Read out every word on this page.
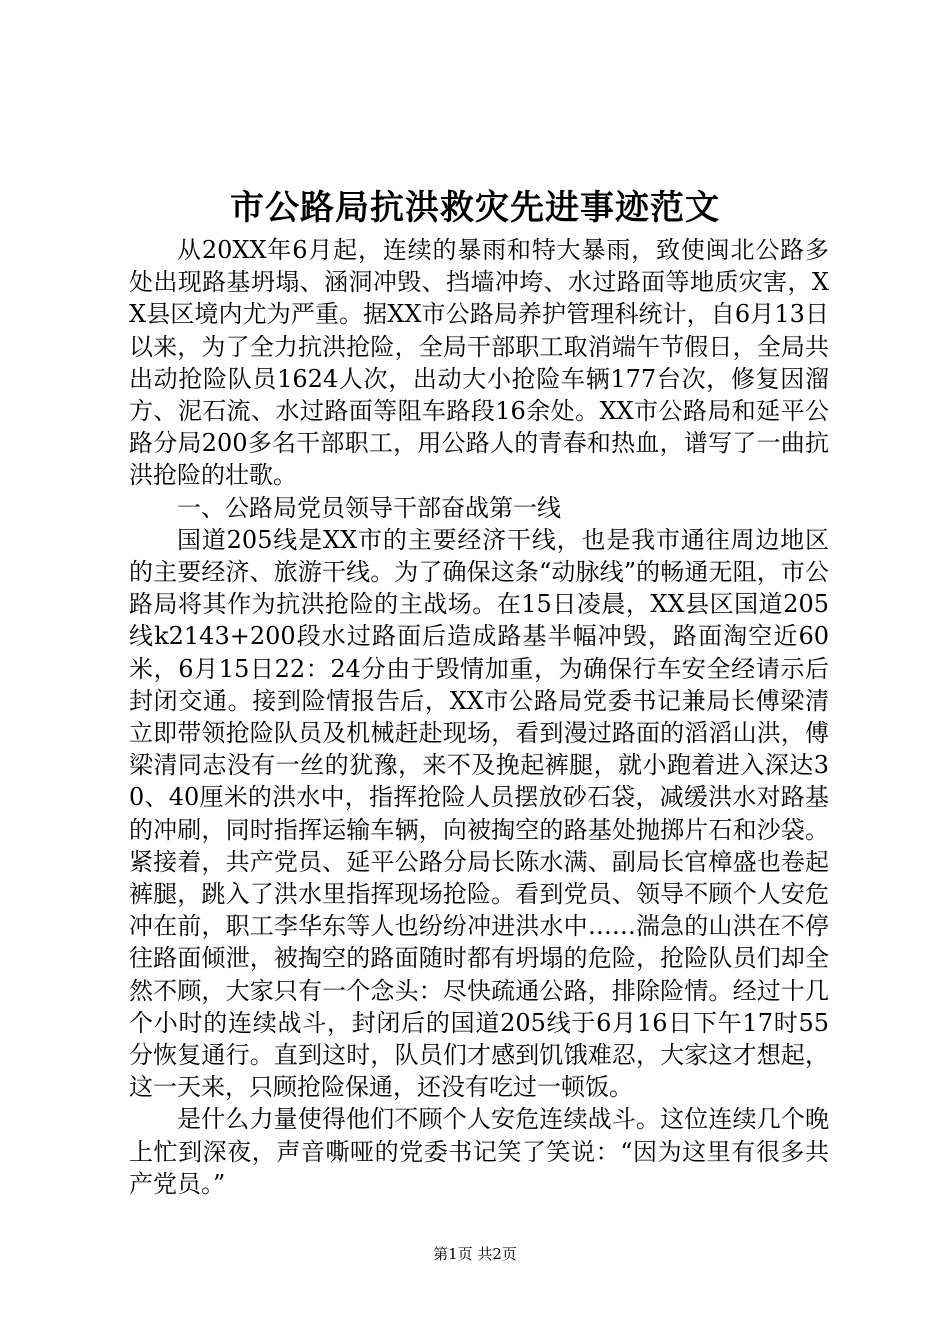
市公路局抗洪救灾先进事迹范文

从20XX年6月起，连续的暴雨和特大暴雨，致使闽北公路多处出现路基坍塌、涵洞冲毁、挡墙冲垮、水过路面等地质灾害，XX县区境内尤为严重。据XX市公路局养护管理科统计，自6月13日以来，为了全力抗洪抢险，全局干部职工取消端午节假日，全局共出动抢险队员1624人次，出动大小抢险车辆177台次，修复因溜方、泥石流、水过路面等阻车路段16余处。XX市公路局和延平公路分局200多名干部职工，用公路人的青春和热血，谱写了一曲抗洪抢险的壮歌。

一、公路局党员领导干部奋战第一线

国道205线是XX市的主要经济干线，也是我市通往周边地区的主要经济、旅游干线。为了确保这条“动脉线”的畅通无阻，市公路局将其作为抗洪抢险的主战场。在15日凌晨，XX县区国道205线k2143+200段水过路面后造成路基半幅冲毁，路面淘空近60米，6月15日22：24分由于毁情加重，为确保行车安全经请示后封闭交通。接到险情报告后，XX市公路局党委书记兼局长傅梁清立即带领抢险队员及机械赶赴现场，看到漫过路面的滔滔山洪，傅梁清同志没有一丝的犹豫，来不及挽起裤腿，就小跑着进入深达30、40厘米的洪水中，指挥抢险人员摆放砂石袋，减缓洪水对路基的冲刷，同时指挥运输车辆，向被掏空的路基处抛掷片石和沙袋。紧接着，共产党员、延平公路分局长陈水满、副局长官樟盛也卷起裤腿，跳入了洪水里指挥现场抢险。看到党员、领导不顾个人安危冲在前，职工李华东等人也纷纷冲进洪水中……湍急的山洪在不停往路面倾泄，被掏空的路面随时都有坍塌的危险，抢险队员们却全然不顾，大家只有一个念头：尽快疏通公路，排除险情。经过十几个小时的连续战斗，封闭后的国道205线于6月16日下午17时55分恢复通行。直到这时，队员们才感到饥饿难忍，大家这才想起，这一天来，只顾抢险保通，还没有吃过一顿饭。

是什么力量使得他们不顾个人安危连续战斗。这位连续几个晚上忙到深夜，声音嘶哑的党委书记笑了笑说：“因为这里有很多共产党员。”

第1页 共2页
